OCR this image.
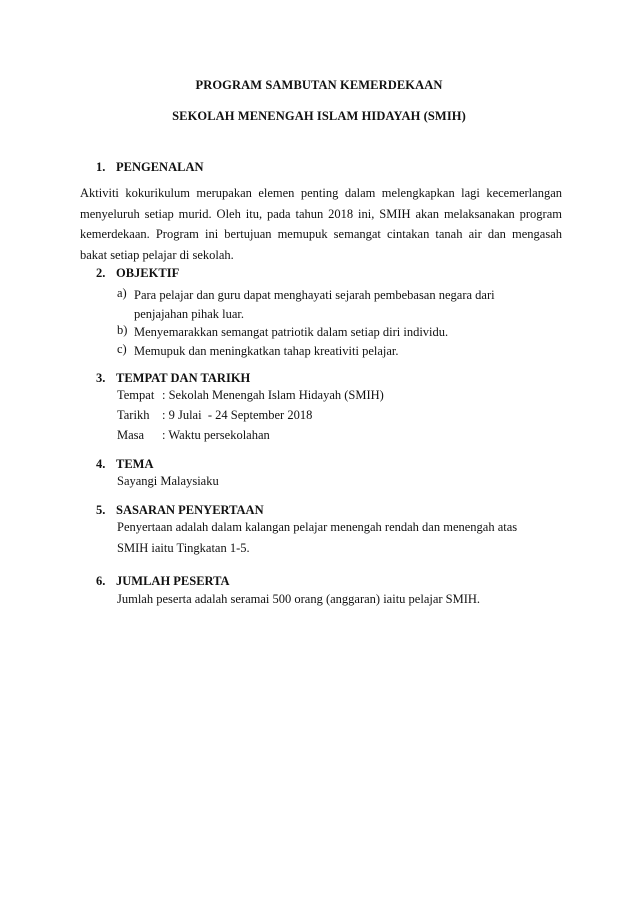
PROGRAM SAMBUTAN KEMERDEKAAN
SEKOLAH MENENGAH ISLAM HIDAYAH (SMIH)
1. PENGENALAN
Aktiviti kokurikulum merupakan elemen penting dalam melengkapkan lagi kecemerlangan menyeluruh setiap murid. Oleh itu, pada tahun 2018 ini, SMIH akan melaksanakan program kemerdekaan. Program ini bertujuan memupuk semangat cintakan tanah air dan mengasah bakat setiap pelajar di sekolah.
2. OBJEKTIF
a) Para pelajar dan guru dapat menghayati sejarah pembebasan negara dari penjajahan pihak luar.
b) Menyemarakkan semangat patriotik dalam setiap diri individu.
c) Memupuk dan meningkatkan tahap kreativiti pelajar.
3. TEMPAT DAN TARIKH
Tempat : Sekolah Menengah Islam Hidayah (SMIH)
Tarikh : 9 Julai  - 24 September 2018
Masa : Waktu persekolahan
4. TEMA
Sayangi Malaysiaku
5. SASARAN PENYERTAAN
Penyertaan adalah dalam kalangan pelajar menengah rendah dan menengah atas SMIH iaitu Tingkatan 1-5.
6. JUMLAH PESERTA
Jumlah peserta adalah seramai 500 orang (anggaran) iaitu pelajar SMIH.
